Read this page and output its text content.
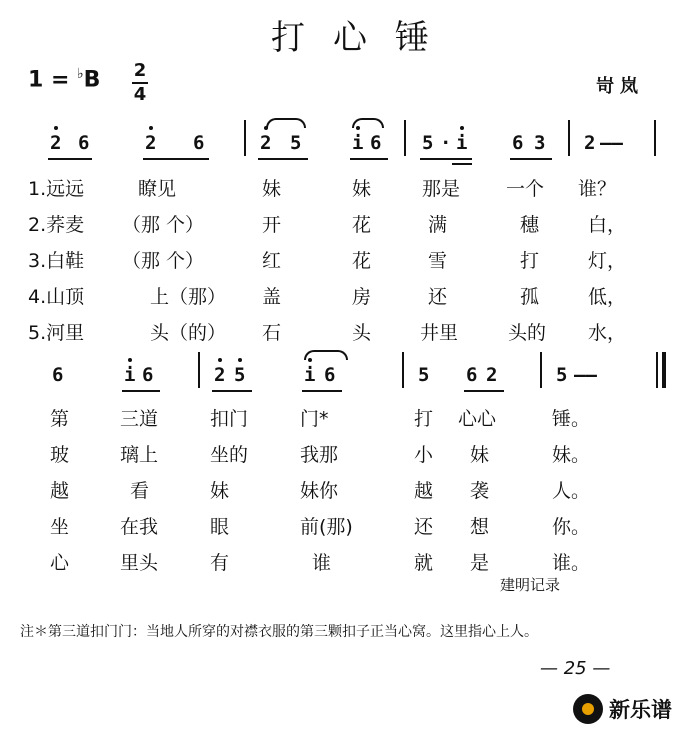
打心锤
1 = ♭B 2
4	岢岚
2 6	2 6	2 5	i 6 5 · i 6 3 2 ——
1.远远	瞭见	妹	妹	那是 一个 谁？
2.荞麦 （那 个）	开	花	满	穗	白，
3.白鞋 （那 个）	红	花	雪	打	灯，
4.山顶	上（那） 盖	房	还	孤	低，
5.河里	头（的） 石	头	井里	头的 水，
6	i 6	2 5	i 6	5 6 2	5 ——
第	三道	扣门	门*	打 心心	锤。
玻	璃上	坐的	我那	小 妹	妹。
越	看	妹	妹你	越 袭	人。
坐	在我	眼	前(那)	还 想	你。
心	里头	有	谁	就 是	谁。
建明记录
注＊第三道扣门门：当地人所穿的对襟衣服的第三颗扣子正当心窝。这里指心上人。
— 25 —
新乐谱
